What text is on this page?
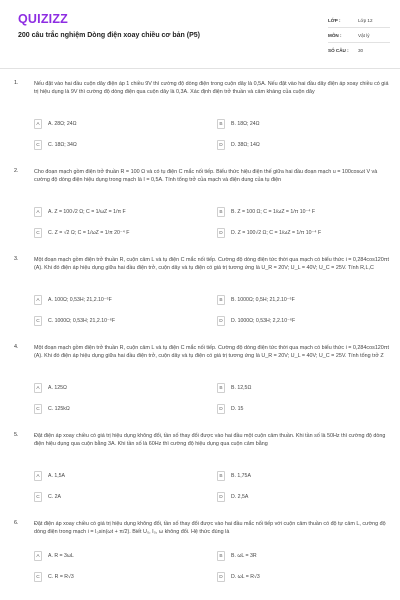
QUIZIZZ
200 câu trắc nghiệm Dòng điện xoay chiều cơ bản (P5)
LỚP :	Lớp 12
MÔN :	Vật lý
SỐ CÂU :	30
1.	Nếu đặt vào hai đầu cuộn dây điện áp 1 chiều 9V thì cường độ dòng điện trong cuộn dây là 0,5A. Nếu đặt vào hai đầu dây điện áp xoay chiều có giá trị hiệu dụng là 9V thì cường độ dòng điện qua cuộn dây là 0,3A. Xác định điện trở thuần và cảm kháng của cuộn dây
A	A. 28Ω; 24Ω	B	B. 18Ω; 24Ω
C	C. 18Ω; 34Ω	D	D. 38Ω; 14Ω
2.	Cho đoạn mạch gồm điện trở thuần R = 100 Ω và có tụ điện C mắc nối tiếp. Biểu thức hiệu điện thế giữa hai đầu đoạn mạch u = 100cosωt V và cường độ dòng điện hiệu dụng trong mạch là I = 0,5A. Tính tổng trở của mạch và điện dung của tụ điện
A	A. Z = 100√2 Ω; C = 1/ωZ = 1/π F	B	B. Z = 100 Ω; C = 1/ωZ = 1/π 10⁻⁴ F
C	C. Z = √2 Ω; C = 1/ωZ = 1/π 20⁻⁴ F	D	D. Z = 100√2 Ω; C = 1/ωZ = 1/π 10⁻⁴ F
3.	Một đoạn mạch gồm điện trở thuần R, cuộn cảm L và tụ điện C mắc nối tiếp. Cường độ dòng điện tức thời qua mạch có biểu thức i = 0,284cos120πt (A). Khi đó điện áp hiệu dụng giữa hai đầu điện trở, cuộn dây và tụ điện có giá trị tương ứng là U_R = 20V; U_L = 40V; U_C = 25V. Tính R,L,C
A	A. 100Ω; 0,53H; 21,2.10⁻⁶F	B	B. 1000Ω; 0,5H; 21,2.10⁻⁶F
C	C. 1000Ω; 0,53H; 21,2.10⁻⁶F	D	D. 1000Ω; 0,53H; 2,2.10⁻⁶F
4.	Một đoạn mạch gồm điện trở thuần R, cuộn cảm L và tụ điện C mắc nối tiếp. Cường độ dòng điện tức thời qua mạch có biểu thức i = 0,284cos120πt (A). Khi đó điện áp hiệu dụng giữa hai đầu điện trở, cuộn dây và tụ điện có giá trị tương ứng là U_R = 20V; U_L = 40V; U_C = 25V. Tính tổng trở Z
A	A. 125Ω	B	B. 12,5Ω
C	C. 125kΩ	D	D. 15
5.	Đặt điện áp xoay chiều có giá trị hiệu dụng không đổi, tần số thay đổi được vào hai đầu một cuộn cảm thuần. Khi tần số là 50Hz thì cường độ dòng điện hiệu dụng qua cuộn bằng 3A. Khi tần số là 60Hz thì cường độ hiệu dụng qua cuộn cảm bằng
A	A. 1,5A	B	B. 1,75A
C	C. 2A	D	D. 2,5A
6.	Đặt điện áp xoay chiều có giá trị hiệu dụng không đổi, tần số thay đổi được vào hai đầu mắc nối tiếp với cuộn cảm thuần có độ tự cảm L, cường độ dòng điện trong mạch i = I₀sin(ωt + π/2). Biết U₀, I₀, ω không đổi. Hệ thức đúng là
A	A. R = 3ωL	B	B. ωL = 3R
C	C. R = R√3	D	D. ωL = R√3
